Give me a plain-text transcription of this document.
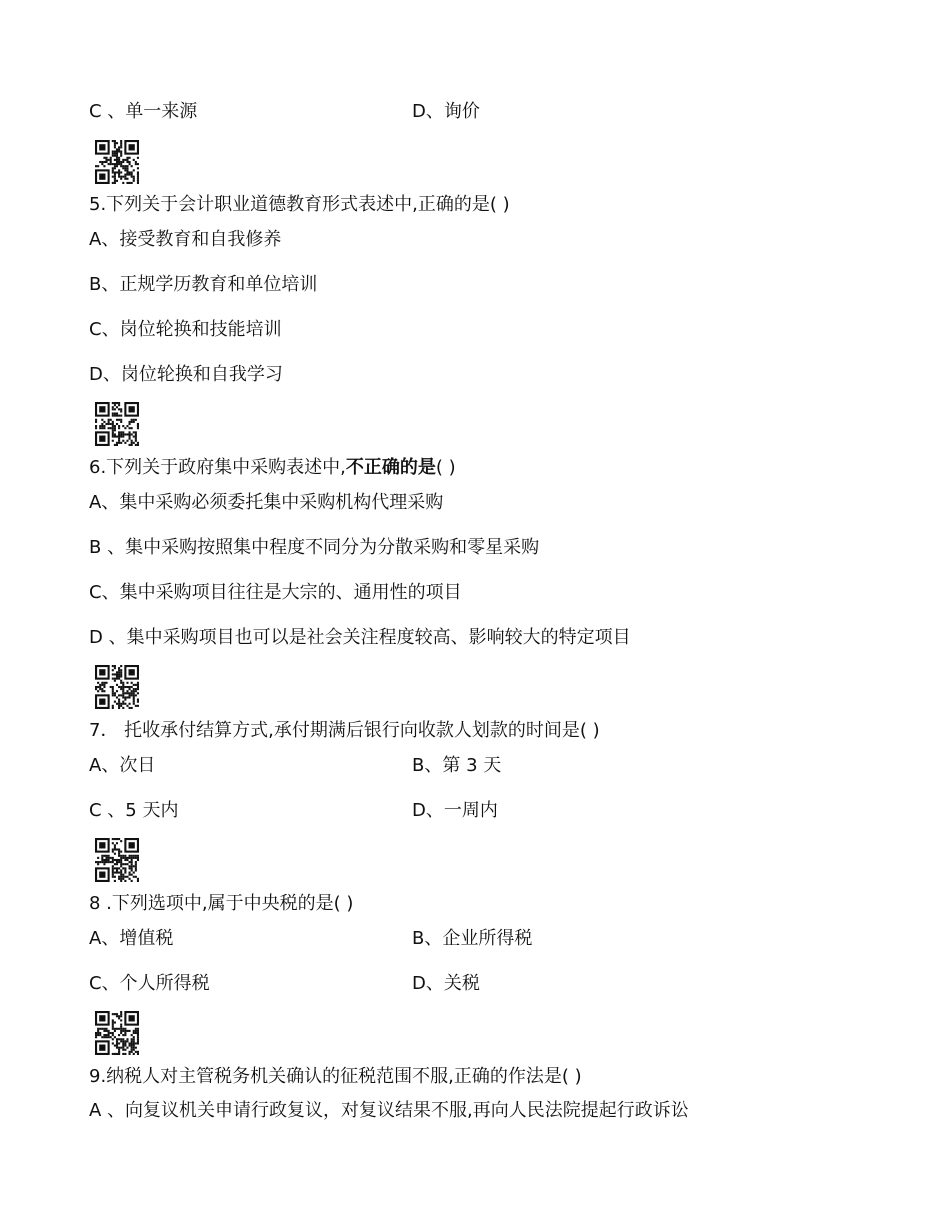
C 、单一来源	D、询价
5.下列关于会计职业道德教育形式表述中,正确的是( )
A、接受教育和自我修养
B、正规学历教育和单位培训
C、岗位轮换和技能培训
D、岗位轮换和自我学习
6.下列关于政府集中采购表述中,不正确的是( )
A、集中采购必须委托集中采购机构代理采购
B 、集中采购按照集中程度不同分为分散采购和零星采购
C、集中采购项目往往是大宗的、通用性的项目
D 、集中采购项目也可以是社会关注程度较高、影响较大的特定项目
7． 托收承付结算方式,承付期满后银行向收款人划款的时间是( )
A、次日	B、第 3 天
C 、5 天内	D、一周内
8 .下列选项中,属于中央税的是( )
A、增值税	B、企业所得税
C、个人所得税	D、关税
9.纳税人对主管税务机关确认的征税范围不服,正确的作法是( )
A 、向复议机关申请行政复议，对复议结果不服,再向人民法院提起行政诉讼
